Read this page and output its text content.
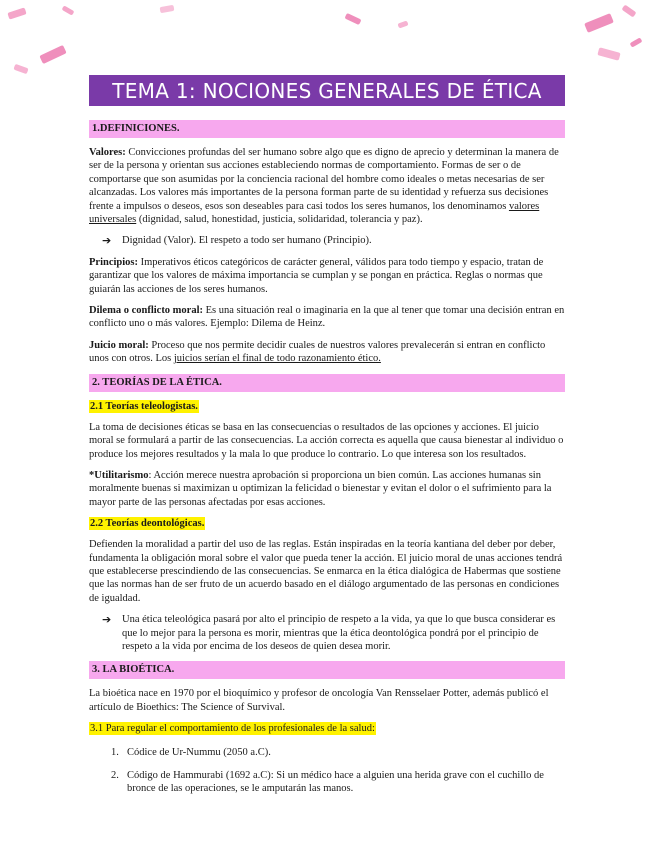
TEMA 1: NOCIONES GENERALES DE ÉTICA
1.DEFINICIONES.

Valores: Convicciones profundas del ser humano sobre algo que es digno de aprecio y determinan la manera de ser de la persona y orientan sus acciones estableciendo normas de comportamiento. Formas de ser o de comportarse que son asumidas por la conciencia racional del hombre como ideales o metas necesarias de ser alcanzadas. Los valores más importantes de la persona forman parte de su identidad y refuerza sus decisiones frente a impulsos o deseos, esos son deseables para casi todos los seres humanos, los denominamos valores universales (dignidad, salud, honestidad, justicia, solidaridad, tolerancia y paz).

➔	Dignidad (Valor). El respeto a todo ser humano (Principio).

Principios: Imperativos éticos categóricos de carácter general, válidos para todo tiempo y espacio, tratan de garantizar que los valores de máxima importancia se cumplan y se pongan en práctica. Reglas o normas que guiarán las acciones de los seres humanos.

Dilema o conflicto moral: Es una situación real o imaginaria en la que al tener que tomar una decisión entran en conflicto uno o más valores. Ejemplo: Dilema de Heinz.

Juicio moral: Proceso que nos permite decidir cuales de nuestros valores prevalecerán si entran en conflicto unos con otros. Los juicios serían el final de todo razonamiento ético.

2. TEORÍAS DE LA ÉTICA.
2.1 Teorías teleologistas.

La toma de decisiones éticas se basa en las consecuencias o resultados de las opciones y acciones. El juicio moral se formulará a partir de las consecuencias. La acción correcta es aquella que causa bienestar al individuo o produce los mejores resultados y la mala lo que produce lo contrario. Lo que interesa son los resultados.

*Utilitarismo: Acción merece nuestra aprobación si proporciona un bien común. Las acciones humanas sin moralmente buenas si maximizan u optimizan la felicidad o bienestar y evitan el dolor o el sufrimiento para la mayor parte de las personas afectadas por esas acciones.

2.2 Teorías deontológicas.

Defienden la moralidad a partir del uso de las reglas. Están inspiradas en la teoría kantiana del deber por deber, fundamenta la obligación moral sobre el valor que pueda tener la acción. El juicio moral de unas acciones tendrá que establecerse prescindiendo de las consecuencias. Se enmarca en la ética dialógica de Habermas que sostiene que las normas han de ser fruto de un acuerdo basado en el diálogo argumentado de las personas en condiciones de igualdad.

➔	Una ética teleológica pasará por alto el principio de respeto a la vida, ya que lo que busca considerar es que lo mejor para la persona es morir, mientras que la ética deontológica pondrá por el principio de respeto a la vida por encima de los deseos de quien desea morir.
3. LA BIOÉTICA.

La bioética nace en 1970 por el bioquímico y profesor de oncología Van Rensselaer Potter, además publicó el artículo de Bioethics: The Science of Survival.

3.1 Para regular el comportamiento de los profesionales de la salud:

1. Códice de Ur-Nummu (2050 a.C).
2. Código de Hammurabi (1692 a.C): Si un médico hace a alguien una herida grave con el cuchillo de bronce de las operaciones, se le amputarán las manos.
